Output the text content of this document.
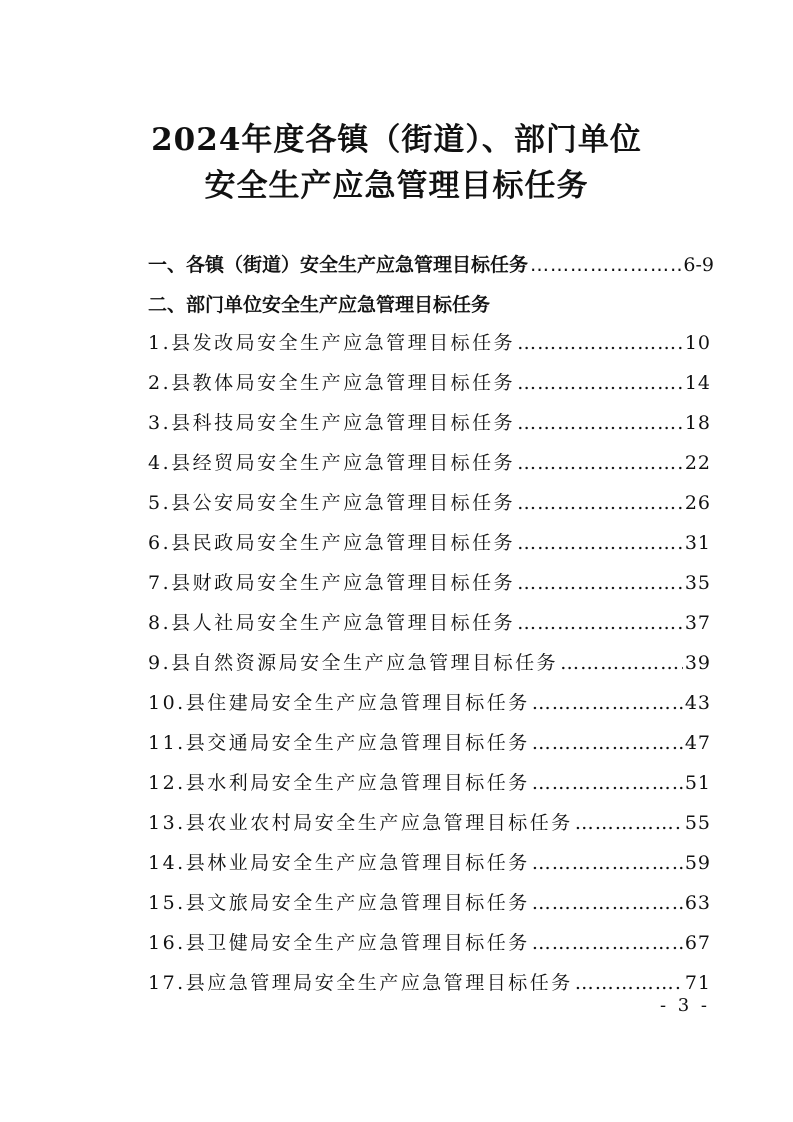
2024年度各镇（街道）、部门单位
安全生产应急管理目标任务
一、各镇（街道）安全生产应急管理目标任务 ………………………………………………………………………………………	6-9
二、部门单位安全生产应急管理目标任务
1.县发改局安全生产应急管理目标任务 ………………………………………………………………………………………	10
2.县教体局安全生产应急管理目标任务 ………………………………………………………………………………………	14
3.县科技局安全生产应急管理目标任务 ………………………………………………………………………………………	18
4.县经贸局安全生产应急管理目标任务 ………………………………………………………………………………………	22
5.县公安局安全生产应急管理目标任务 ………………………………………………………………………………………	26
6.县民政局安全生产应急管理目标任务 ………………………………………………………………………………………	31
7.县财政局安全生产应急管理目标任务 ………………………………………………………………………………………	35
8.县人社局安全生产应急管理目标任务 ………………………………………………………………………………………	37
9.县自然资源局安全生产应急管理目标任务 ………………………………………………………………………………………	39
10.县住建局安全生产应急管理目标任务 ………………………………………………………………………………………	43
11.县交通局安全生产应急管理目标任务 ………………………………………………………………………………………	47
12.县水利局安全生产应急管理目标任务 ………………………………………………………………………………………	51
13.县农业农村局安全生产应急管理目标任务 ………………………………………………………………………………………	55
14.县林业局安全生产应急管理目标任务 ………………………………………………………………………………………	59
15.县文旅局安全生产应急管理目标任务 ………………………………………………………………………………………	63
16.县卫健局安全生产应急管理目标任务 ………………………………………………………………………………………	67
17.县应急管理局安全生产应急管理目标任务 ………………………………………………………………………………………	71
- 3 -
